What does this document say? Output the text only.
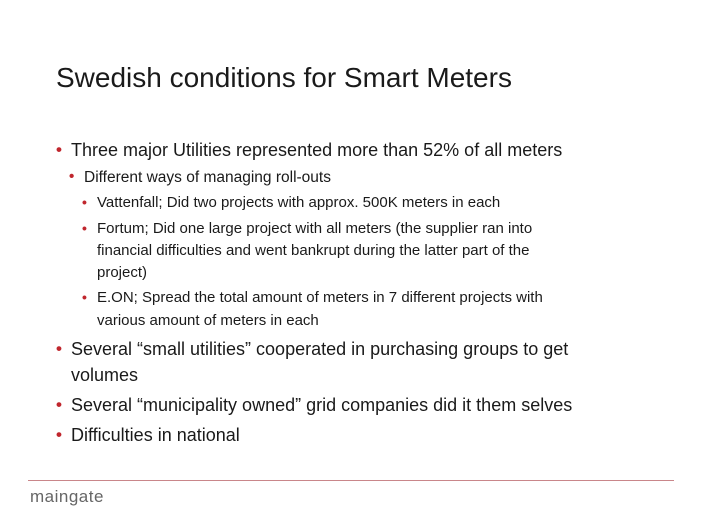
Swedish conditions for Smart Meters
• Three major Utilities represented more than 52% of all meters
• Different ways of managing roll-outs
• Vattenfall; Did two projects with approx. 500K meters in each
• Fortum; Did one large project with all meters (the supplier ran into
financial difficulties and went bankrupt during the latter part of the
project)
• E.ON; Spread the total amount of meters in 7 different projects with
various amount of meters in each
• Several “small utilities” cooperated in purchasing groups to get
volumes
• Several “municipality owned” grid companies did it them selves
• Difficulties in national
maingate
